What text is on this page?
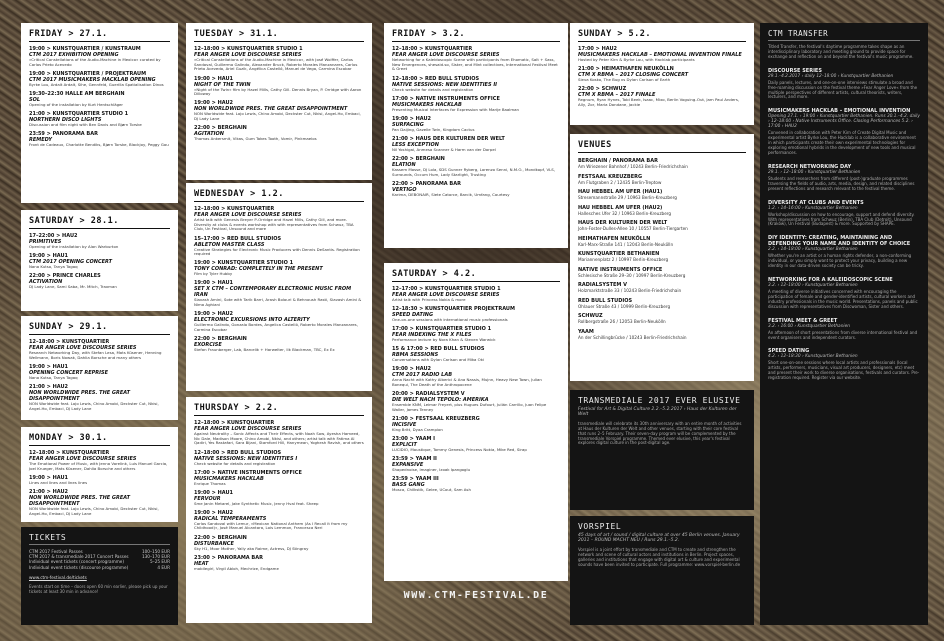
FRIDAY > 27.1.
19:00 > KUNSTQUARTIER / KUNSTRAUM
CTM 2017 EXHIBITION OPENING
»Critical Constellations of the Audio-Machine in Mexico« curated by Carlos Prieto Acevedo
19:00 > KUNSTQUARTIER / PROJEKTRAUM
CTM 2017 MUSICMAKERS HACKLAB OPENING
Byrke Lou, Ardalt Ardalt, Sihe, Gennfeld, Guerilla Spatialisation Dinos
19:30–22:30 HALLE AM BERGHAIN
SOL
Opening of the installation by Kurt Hentschläger
21:00 > KUNSTQUARTIER STUDIO 1
NORTHERN DISCO LIGHTS
Discussion and film night with Ben Davis and Bjørn Torske
23:59 > PANORAMA BAR
REMEDY
Front de Cadeaux, Charlotte Bendiks, Bjørn Torske, Blackjoy, Peggy Gou
SATURDAY > 28.1.
17–22:00 > HAU2
PRIMITIVES
Opening of the installation by Alan Warburton
19:00 > HAU1
CTM 2017 OPENING CONCERT
Nana Kutso, Tanya Tagaq
22:00 > PRINCE CHARLES
ACTIVATION
DJ Lady Lane, Sami Saba, Mr. Mitch, Traxman
SUNDAY > 29.1.
12–18:00 > KUNSTQUARTIER
FEAR ANGER LOVE DISCOURSE SERIES
Research Networking Day, with Stefan Lesa, Mats Küsener, Henning Wellmann, Boris Nowak, Dahlia Borsche and many others
19:00 > HAU1
OPENING CONCERT REPRISE
Nana Kutso, Tanya Tagaq
21:00 > HAU2
NON WORLDWIDE PRES. THE GREAT DISAPPOINTMENT
NON Worldwide feat. Lojo Lewis, Chino Amobi, Deckster Cut, Nkisi, Angel-Ho, Embaci, DJ Lady Lane
MONDAY > 30.1.
12–18:00 > KUNSTQUARTIER
FEAR ANGER LOVE DISCOURSE SERIES
The Emotional Power of Music, with Jenna Vorelink, Luis Manuel Garcia, Joel Krueger, Mats Küsener, Dahlia Borsche and others
19:00 > HAU1
Lines and lines and lines lines
21:00 > HAU2
NON WORLDWIDE PRES. THE GREAT DISAPPOINTMENT
NON Worldwide feat. Lojo Lewis, Chino Amobi, Deckster Cut, Nkisi, Angel-Ho, Embaci, DJ Lady Lane
TICKETS
CTM 2017 Festival Passes	100–150 EUR
CTM 2017 & transmediale 2017 Concert Passes	130–170 EUR
Individual event tickets (concert programme)	5–25 EUR
Individual event tickets (discourse programme)	4 EUR
www.ctm-festival.de/tickets
Events start on time – doors open 60 min earlier, please pick up your tickets at least 30 min in advance!
TUESDAY > 31.1.
12–18:00 > KUNSTQUARTIER STUDIO 1
FEAR ANGER LOVE DISCOURSE SERIES
»Critical Constellations of the Audio-Machine in Mexico«, with José Wolffer, Carlos Sandoval, Guillermo Galindo, Alexander Bruck, Roberto Morales Manzanares, Carlos Prieto Acevedo, Ariel Guzik, Angélica Castelló, Manuel de Vega, Carmina Escobar
19:00 > HAU1
NIGHT OF THE TWIN
»Night of the Twin« film by Hazel Mills, Cathy Gill. Dennis Bryan, P. Orridge with Aaron Dilloway
19:00 > HAU2
NON WORLDWIDE PRES. THE GREAT DISAPPOINTMENT
NON Worldwide feat. Lojo Lewis, Chino Amobi, Deckster Cut, Nkisi, Angel-Ho, Embaci, DJ Lady Lane
22:00 > BERGHAIN
AGITATION
Thomas Ankersmit, Vikas, Gum Takes Tooth, Vomir, Pinkmaelos
WEDNESDAY > 1.2.
12–18:00 > KUNSTQUARTIER
FEAR ANGER LOVE DISCOURSE SERIES
Artist talk with Genesis Breyer P-Orridge and Hazel Mills, Cathy Gill, and more. Diversity at clubs & events workshop with with representatives from Schwuz, TBA Club, Un Festival, Unsound and more
15–17:00 > RED BULL STUDIOS
ABLETON MASTER CLASS
Creative Strategies for Electronic Music Producers with Dennis DeSantis. Registration required
19:00 > KUNSTQUARTIER STUDIO 1
TONY CONRAD: COMPLETELY IN THE PRESENT
Film by Tyler Hubby
19:00 > HAU1
SET X CTM – CONTEMPORARY ELECTRONIC MUSIC FROM IRAN
Siavash Amini, Sote with Tarik Barri, Arash Bolouri & Behnoush Rasti, Siavash Amini & Nima Aghiani
19:00 > HAU2
ELECTRONIC EXCURSIONS INTO ALTERITY
Guillermo Galindo, Gonzalo Bordes, Angelica Castelló, Roberto Morales Manzanares, Carmina Escobar
22:00 > BERGHAIN
EXORCISE
Stefan Fraunberger, Lab, Barcelik + Harwelter, Ilk Blackman, TBC, Ex Ex
THURSDAY > 2.2.
12–18:00 > KUNSTQUARTIER
FEAR ANGER LOVE DISCOURSE SERIES
Against Neutrality – Sonic Affects and Their Effects, with Noah Sow, Ayesha Hameed, Nic Dale, Madison Moore, Chino Amobi, Nkisi, and others; artist talk with Fatima Al Qadiri, Yes Rastafari, Sara Bijani, Stamford Hill, Hanymean, Yoghesh Ravish, and others
12–18:00 > RED BULL STUDIOS
NATIVE SESSIONS: NEW IDENTITIES I
Check website for details and registration
17:00 > NATIVE INSTRUMENTS OFFICE
MUSICMAKERS HACKLAB
Enrique Thomas
19:00 > HAU1
FERVOUR
Sme Janin Metarel, Jake Synthetic Music, Jenny Hval feat. Sheep
19:00 > HAU2
RADICAL TEMPERAMENTS
Carlos Sandoval with Lemur, »Mexican National Anthem (As I Recall it from my Childhood)«, José Manuel Alcantara, Lois Lemmon, Francesca Neri
22:00 > BERGHAIN
DISTURBANCE
Sky H1, Moor Mother, Yally aka Raime, Actress, DJ Stingray
23:00 > PANORAMA BAR
HEAT
mobilegirl, Virgil Abloh, Mechrize, Endgame
FRIDAY > 3.2.
12–18:00 > KUNSTQUARTIER
FEAR ANGER LOVE DISCOURSE SERIES
Networking for a Kaleidoscopic Scene with participants from Ehomatic, Salt + Sass, New Emergences, shesaid.so, Sister, and Mint collectives, International Festival Meet & Greet
12–18:00 > RED BULL STUDIOS
NATIVE SESSIONS: NEW IDENTITIES II
Check website for details and registration
17:00 > NATIVE INSTRUMENTS OFFICE
MUSICMAKERS HACKLAB
Presenting Musical Interfaces for Expression with Marije Baalman
19:00 > HAU2
SURFACING
Pan Daijing, Gazelle Twin, Kingdom Cactus
21:00 > HAUS DER KULTUREN DER WELT
LESS EXCEPTION
Nil Yoshigai, Anmesa Scanner & Harm van der Dorpel
22:00 > BERGHAIN
ELATION
Kassem Mosse, DJ Lola, SDS Gunner Ryberg, Lorenzo Senni, N.M.O., Mondkopf, VLS, Surrounds, Occum Hum, Lady Starlight, Trusting
22:00 > PANORAMA BAR
VERTIGO
Karima, DEBONAIR, Siete Catorce, Barcik, Umfang, Courtesy
SATURDAY > 4.2.
12–17:00 > KUNSTQUARTIER STUDIO 1
FEAR ANGER LOVE DISCOURSE SERIES
Artist talk with Princess Nokia & more
12–18:30 > KUNSTQUARTIER PROJEKTRAUM
SPEED DATING
One-on-one sessions with international music professionals
17:00 > KUNSTQUARTIER STUDIO 1
FEAR INDEXING THE X FILES
Performance lecture by Nora Khan & Steven Warwick
15 & 17:00 > RED BULL STUDIOS
RBMA SESSIONS
Conversations with Dylan Carlson and Mika Oki
19:00 > HAU2
CTM 2017 RADIO LAB
Anna Nacht with Kathy Alberici & Ana Nassis, Mujnn, Heavy New Town, Julian Bonequi, The Death of the Anthropocene
20:00 > RADIALSYSTEM V
DIE WELT NACH TEPOLO: AMERIKA
Ensemble KNM, Leimar Freyert, plus Hugues Dufourt, Julián Carrillo, Juan Felipe Waller, James Tenney
21:00 > FESTSAAL KREUZBERG
INCISIVE
King Britt, Dyaa Crampion
23:00 > YAAM I
EXPLICIT
LUCIDIO, Moustique, Tommy Genesis, Princess Nokia, Mike Red, Sirap
23:59 > YAAM II
EXPANSIVE
Shapednoise, Imaginer, Izoak Ipangoglu
23:59 > YAAM III
BASS GANG
Mosca, Chilkstik, Gelee, UCout, Sam Ash
WWW.CTM-FESTIVAL.DE
SUNDAY > 5.2.
17:00 > HAU2
MUSICMAKERS HACKLAB – EMOTIONAL INVENTION FINALE
Hosted by Peter Kirn & Byrke Lou, with Hacklab participants
21:00 > HEIMATHAFEN NEUKÖLLN
CTM X RBMA – 2017 CLOSING CONCERT
Sieva Kosko, The Bug vs Dylan Carlson of Earth
22:00 > SCHWUZ
CTM X RBMA – 2017 FINALE
Regnum, Ryan Hynes, Tobi Beek, Isaac, Mixo, Berlin Voguing-Out, Jam Paul Anders, Ally, Zor, Maria Dondane, Jackie
VENUES
BERGHAIN / PANORAMA BAR
Am Wriezener Bahnhof / 10243 Berlin-Friedrichshain
FESTSAAL KREUZBERG
Am Flutgraben 2 / 12435 Berlin-Treptow
HAU HEBBEL AM UFER (HAU1)
Stresemannstraße 29 / 10963 Berlin-Kreuzberg
HAU HEBBEL AM UFER (HAU2)
Hallesches Ufer 32 / 10963 Berlin-Kreuzberg
HAUS DER KULTUREN DER WELT
John-Foster-Dulles-Allee 10 / 10557 Berlin-Tiergarten
HEIMATHAFEN NEUKÖLLN
Karl-Marx-Straße 141 / 12043 Berlin-Neukölln
KUNSTQUARTIER BETHANIEN
Mariannenplatz 2 / 10997 Berlin-Kreuzberg
NATIVE INSTRUMENTS OFFICE
Schlesische Straße 29–30 / 10997 Berlin-Kreuzberg
RADIALSYSTEM V
Holzmarktstraße 33 / 10243 Berlin-Friedrichshain
RED BULL STUDIOS
Ohlauer Straße 43 / 10999 Berlin-Kreuzberg
SCHWUZ
Rollbergstraße 26 / 12053 Berlin-Neukölln
YAAM
An der Schillingbrücke / 10243 Berlin-Friedrichshain
TRANSMEDIALE 2017 EVER ELUSIVE
Festival for Art & Digital Culture 2.2.–5.2.2017 › Haus der Kulturen der Welt
transmediale will celebrate its 30th anniversary with an entire month of activities at Haus der Kulturen der Welt and other venues, starting with their core festival that runs 2–5 February. Their seven-day program will be complemented by the transmediale Vorspiel programme. Themed ever elusive, this year's festival explores digital culture in the post-digital age.
VORSPIEL
45 days of art / sound / digital culture at over 45 Berlin venues. January 2011 – ROUND MACHT NEU / Runs 29.1.–5.2.
Vorspiel is a joint effort by transmediale and CTM to create and strengthen the network and scene of cultural actors and institutions in Berlin. Project spaces, galleries and institutions that engage with digital art & culture and experimental sounds have been invited to participate. Full programme: www.vorspiel-berlin.de
CTM TRANSFER
Titled Transfer, the festival's daytime programme takes shape as an interdisciplinary laboratory and meeting ground to provide space for exchange and reflection on and beyond the festival's music programme.
DISCOURSE SERIES
29.1.–4.2.2017 › daily 12–18:00 › Kunstquartier Bethanien
Daily panels, lectures, and one-on-one interviews stimulate a broad and free-roaming discussion on the festival theme »Fear Anger Love« from the multiple perspectives of different artists, cultural theorists, writers, lecturers, and more.
MUSICMAKERS HACKLAB – EMOTIONAL INVENTION
Opening 27.1. › 19:00 › Kunstquartier Bethanien. Runs 30.1.–4.2. daily › 12–18:00 › Native Instruments Office. Closing Performances 5.2. › 17:00 › HAU2
Convened in collaboration with Peter Kirn of Create Digital Music and experimental artist Byrke Lou, the Hacklab is a collaborative environment in which participants create their own experimental technologies for exploring emotional hybrids in the development of new tools and musical performances.
RESEARCH NETWORKING DAY
29.1. › 12–18:00 › Kunstquartier Bethanien
Students and researchers from different (post-)graduate programmes traversing the fields of audio, arts, media, design, and related disciplines present reflections and research relevant to the festival theme.
DIVERSITY AT CLUBS AND EVENTS
1.2. › 14–16:00 › Kunstquartier Bethanien
Workshop/discussion on how to encourage, support and defend diversity. With representatives from Schwuz (Berlin), TBA Club (Detroit), Unsound (Kraków), Un Festival (Budapest) & more. Supported by SHAPE.
DIY IDENTITY: CREATING, MAINTAINING AND DEFENDING YOUR NAME AND IDENTITY OF CHOICE
2.2. › 14–18:00 › Kunstquartier Bethanien
Whether you're an artist or a human rights defender, a non-conforming individual, or you simply want to protect your privacy, building a new identity in our data-driven society can be tricky.
NETWORKING FOR A KALEIDOSCOPIC SCENE
3.2. › 12–18:00 › Kunstquartier Bethanien
A meeting of diverse initiatives concerned with encouraging the participation of female and gender-identified artists, cultural workers and industry professionals in the music world. Presentations, panels and public discussion with representatives from Discwoman, Sister and others.
FESTIVAL MEET & GREET
3.2. › 16:00 › Kunstquartier Bethanien
An afternoon of short presentations from diverse international festival and event organisers and independent curators.
SPEED DATING
4.2. › 12–18:30 › Kunstquartier Bethanien
Short one-on-one sessions where local artists and professionals (local artists, performers, musicians, visual art producers, designers, etc) meet and present their work to diverse organisations, festivals and curators. Pre-registration required. Register via our website.
